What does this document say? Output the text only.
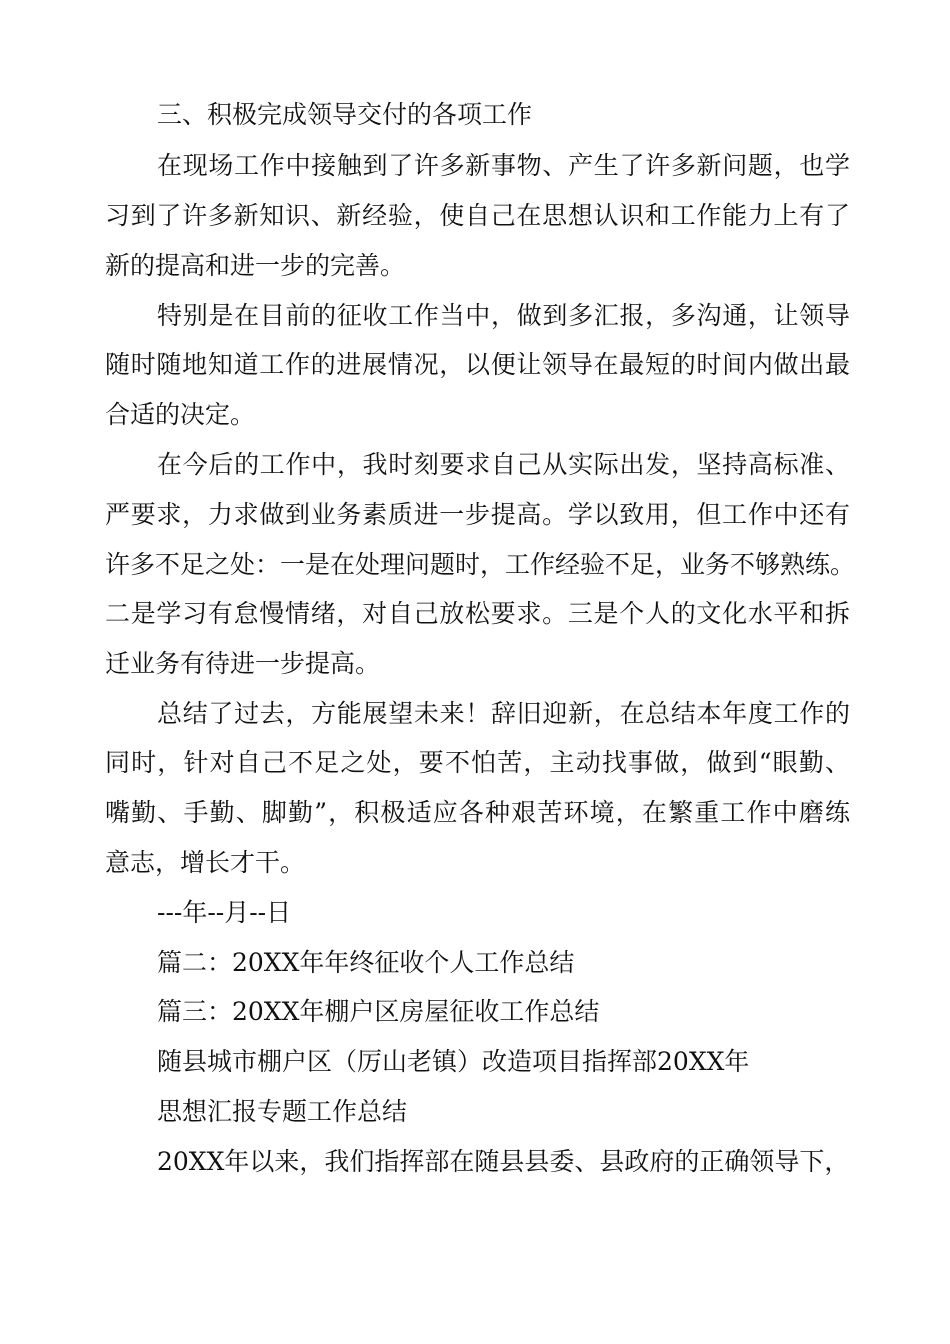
三、积极完成领导交付的各项工作
在现场工作中接触到了许多新事物、产生了许多新问题，也学
习到了许多新知识、新经验，使自己在思想认识和工作能力上有了
新的提高和进一步的完善。
特别是在目前的征收工作当中，做到多汇报，多沟通，让领导
随时随地知道工作的进展情况，以便让领导在最短的时间内做出最
合适的决定。
在今后的工作中，我时刻要求自己从实际出发，坚持高标准、
严要求，力求做到业务素质进一步提高。学以致用，但工作中还有
许多不足之处：一是在处理问题时，工作经验不足，业务不够熟练。
二是学习有怠慢情绪，对自己放松要求。三是个人的文化水平和拆
迁业务有待进一步提高。
总结了过去，方能展望未来！辞旧迎新，在总结本年度工作的
同时，针对自己不足之处，要不怕苦，主动找事做，做到“眼勤、
嘴勤、手勤、脚勤”，积极适应各种艰苦环境，在繁重工作中磨练
意志，增长才干。
---年--月--日
篇二：20XX年年终征收个人工作总结
篇三：20XX年棚户区房屋征收工作总结
随县城市棚户区（厉山老镇）改造项目指挥部20XX年
思想汇报专题工作总结
20XX年以来，我们指挥部在随县县委、县政府的正确领导下，
